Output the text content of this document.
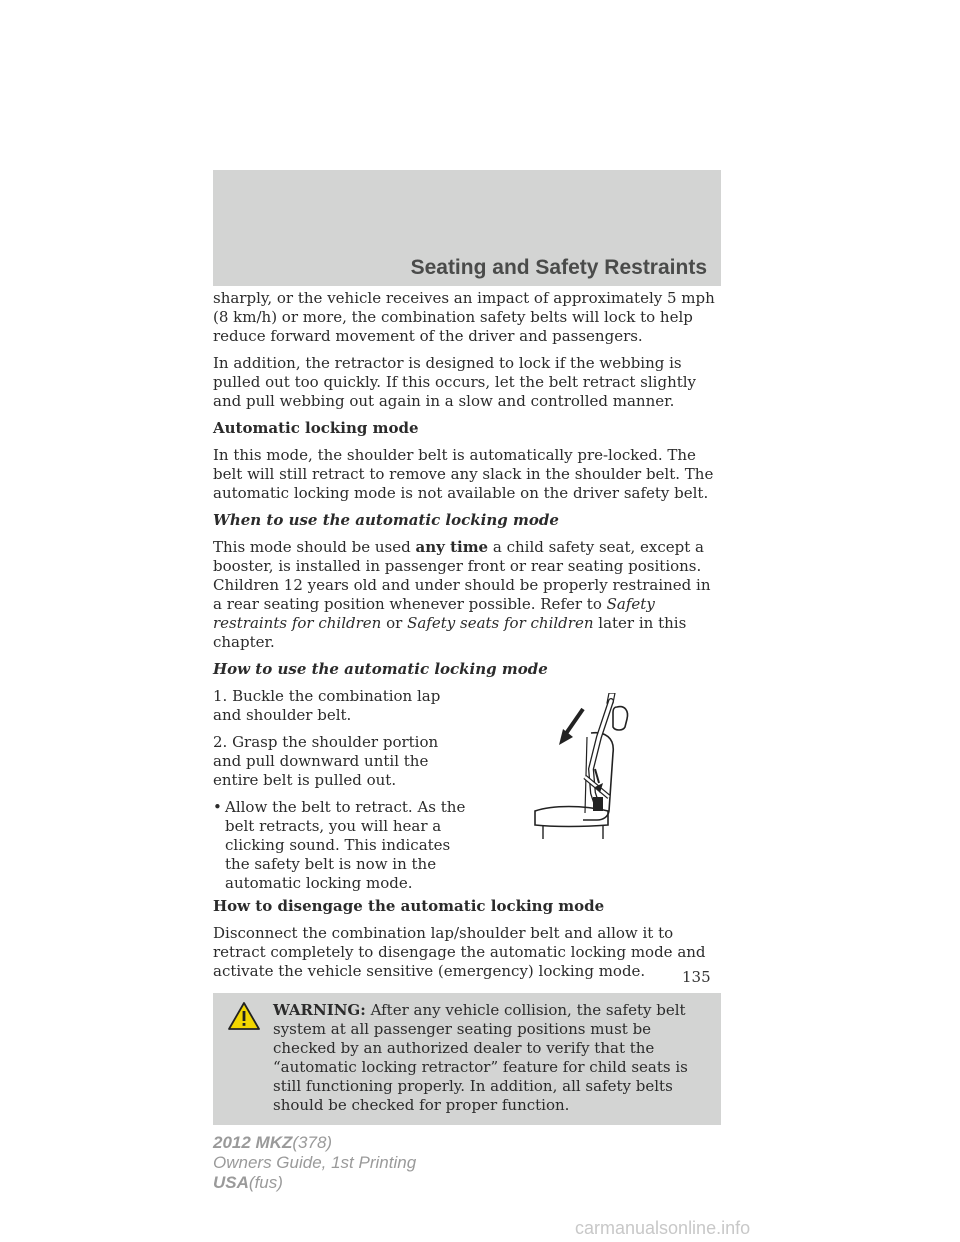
Seating and Safety Restraints

sharply, or the vehicle receives an impact of approximately 5 mph (8 km/h) or more, the combination safety belts will lock to help reduce forward movement of the driver and passengers.

In addition, the retractor is designed to lock if the webbing is pulled out too quickly. If this occurs, let the belt retract slightly and pull webbing out again in a slow and controlled manner.

Automatic locking mode

In this mode, the shoulder belt is automatically pre-locked. The belt will still retract to remove any slack in the shoulder belt. The automatic locking mode is not available on the driver safety belt.

When to use the automatic locking mode

This mode should be used any time a child safety seat, except a booster, is installed in passenger front or rear seating positions. Children 12 years old and under should be properly restrained in a rear seating position whenever possible. Refer to Safety restraints for children or Safety seats for children later in this chapter.

How to use the automatic locking mode

1. Buckle the combination lap and shoulder belt.

2. Grasp the shoulder portion and pull downward until the entire belt is pulled out.

• Allow the belt to retract. As the belt retracts, you will hear a clicking sound. This indicates the safety belt is now in the automatic locking mode.

How to disengage the automatic locking mode

Disconnect the combination lap/shoulder belt and allow it to retract completely to disengage the automatic locking mode and activate the vehicle sensitive (emergency) locking mode.

WARNING: After any vehicle collision, the safety belt system at all passenger seating positions must be checked by an authorized dealer to verify that the “automatic locking retractor” feature for child seats is still functioning properly. In addition, all safety belts should be checked for proper function.
135
2012 MKZ(378)
Owners Guide, 1st Printing
USA(fus)
carmanualsonline.info
